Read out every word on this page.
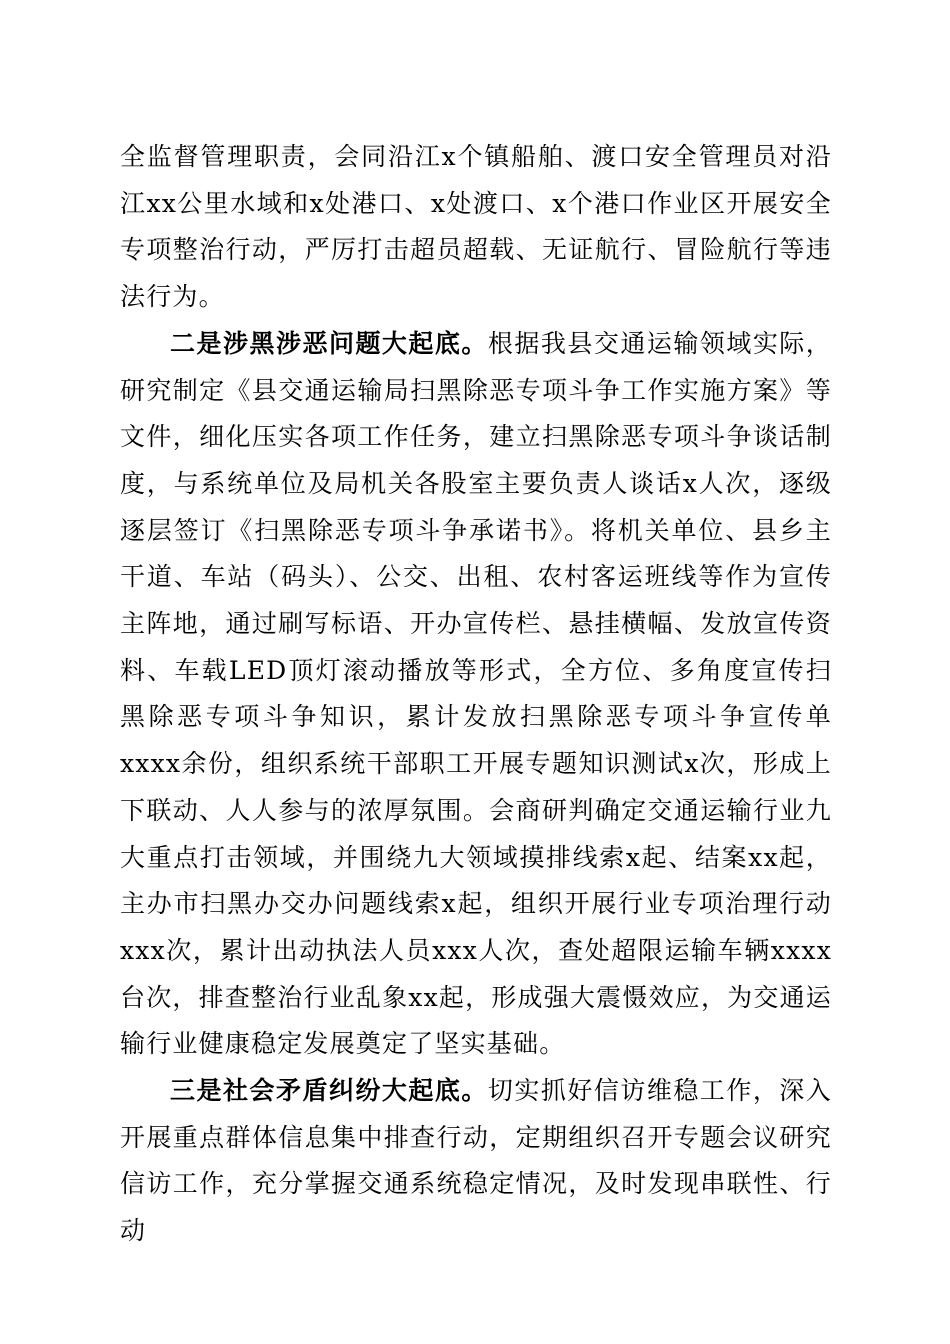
全监督管理职责，会同沿江x个镇船舶、渡口安全管理员对沿江xx公里水域和x处港口、x处渡口、x个港口作业区开展安全专项整治行动，严厉打击超员超载、无证航行、冒险航行等违法行为。

二是涉黑涉恶问题大起底。根据我县交通运输领域实际，研究制定《县交通运输局扫黑除恶专项斗争工作实施方案》等文件，细化压实各项工作任务，建立扫黑除恶专项斗争谈话制度，与系统单位及局机关各股室主要负责人谈话x人次，逐级逐层签订《扫黑除恶专项斗争承诺书》。将机关单位、县乡主干道、车站（码头）、公交、出租、农村客运班线等作为宣传主阵地，通过刷写标语、开办宣传栏、悬挂横幅、发放宣传资料、车载LED顶灯滚动播放等形式，全方位、多角度宣传扫黑除恶专项斗争知识，累计发放扫黑除恶专项斗争宣传单xxxx余份，组织系统干部职工开展专题知识测试x次，形成上下联动、人人参与的浓厚氛围。会商研判确定交通运输行业九大重点打击领域，并围绕九大领域摸排线索x起、结案xx起，主办市扫黑办交办问题线索x起，组织开展行业专项治理行动xxx次，累计出动执法人员xxx人次，查处超限运输车辆xxxx台次，排查整治行业乱象xx起，形成强大震慑效应，为交通运输行业健康稳定发展奠定了坚实基础。

三是社会矛盾纠纷大起底。切实抓好信访维稳工作，深入开展重点群体信息集中排查行动，定期组织召开专题会议研究信访工作，充分掌握交通系统稳定情况，及时发现串联性、行动
